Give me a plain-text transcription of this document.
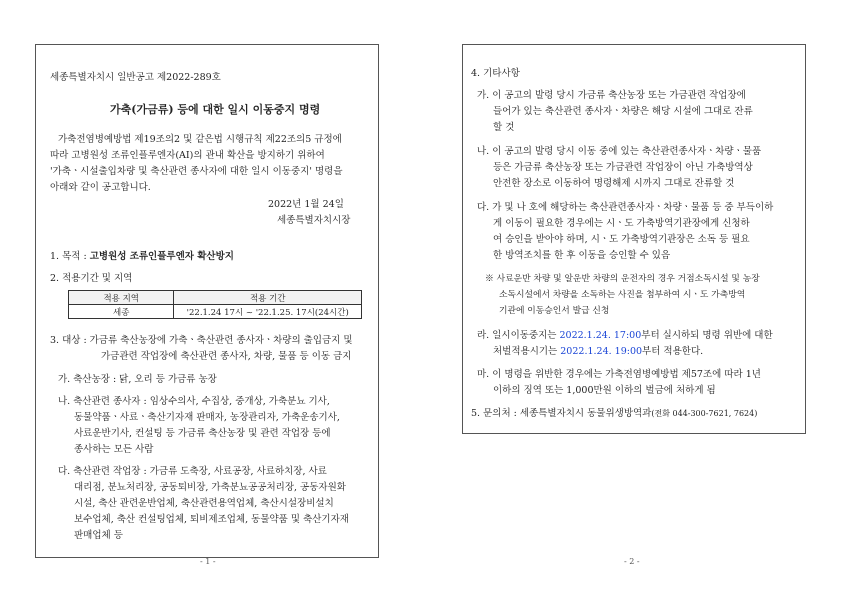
세종특별자치시 일반공고 제2022-289호
가축(가금류) 등에 대한 일시 이동중지 명령
가축전염병예방법 제19조의2 및 같은법 시행규칙 제22조의5 규정에
따라 고병원성 조류인플루엔자(AI)의 관내 확산을 방지하기 위하여
'가축ㆍ시설출입차량 및 축산관련 종사자에 대한 일시 이동중지' 명령을
아래와 같이 공고합니다.
2022년 1월 24일
세종특별자치시장
1. 목적 : 고병원성 조류인플루엔자 확산방지
2. 적용기간 및 지역
적용 지역	적용 기간
세종	'22.1.24 17시 ~ '22.1.25. 17시(24시간)
3. 대상 : 가금류 축산농장에 가축ㆍ축산관련 종사자ㆍ차량의 출입금지 및
가금관련 작업장에 축산관련 종사자, 차량, 물품 등 이동 금지
가. 축산농장 : 닭, 오리 등 가금류 농장
나. 축산관련 종사자 : 임상수의사, 수집상, 중개상, 가축분뇨 기사,
동물약품ㆍ사료ㆍ축산기자재 판매자, 농장관리자, 가축운송기사,
사료운반기사, 컨설팅 등 가금류 축산농장 및 관련 작업장 등에
종사하는 모든 사람
다. 축산관련 작업장 : 가금류 도축장, 사료공장, 사료하치장, 사료
대리점, 분뇨처리장, 공동퇴비장, 가축분뇨공공처리장, 공동자원화
시설, 축산 관련운반업체, 축산관련용역업체, 축산시설장비설치
보수업체, 축산 컨설팅업체, 퇴비제조업체, 동물약품 및 축산기자재
판매업체 등
- 1 -
4. 기타사항
가. 이 공고의 발령 당시 가금류 축산농장 또는 가금관련 작업장에
들어가 있는 축산관련 종사자ㆍ차량은 해당 시설에 그대로 잔류
할 것
나. 이 공고의 발령 당시 이동 중에 있는 축산관련종사자ㆍ차량ㆍ물품
등은 가금류 축산농장 또는 가금관련 작업장이 아닌 가축방역상
안전한 장소로 이동하여 명령해제 시까지 그대로 잔류할 것
다. 가 및 나 호에 해당하는 축산관련종사자ㆍ차량ㆍ물품 등 중 부득이하
게 이동이 필요한 경우에는 시ㆍ도 가축방역기관장에게 신청하
여 승인을 받아야 하며, 시ㆍ도 가축방역기관장은 소독 등 필요
한 방역조치를 한 후 이동을 승인할 수 있음
※ 사료운반 차량 및 알운반 차량의 운전자의 경우 거점소독시설 및 농장
소독시설에서 차량을 소독하는 사진을 첨부하여 시ㆍ도 가축방역
기관에 이동승인서 발급 신청
라. 일시이동중지는 2022.1.24. 17:00부터 실시하되 명령 위반에 대한
처벌적용시기는 2022.1.24. 19:00부터 적용한다.
마. 이 명령을 위반한 경우에는 가축전염병예방법 제57조에 따라 1년
이하의 징역 또는 1,000만원 이하의 벌금에 처하게 됨
5. 문의처 : 세종특별자치시 동물위생방역과(전화 044-300-7621, 7624)
- 2 -
